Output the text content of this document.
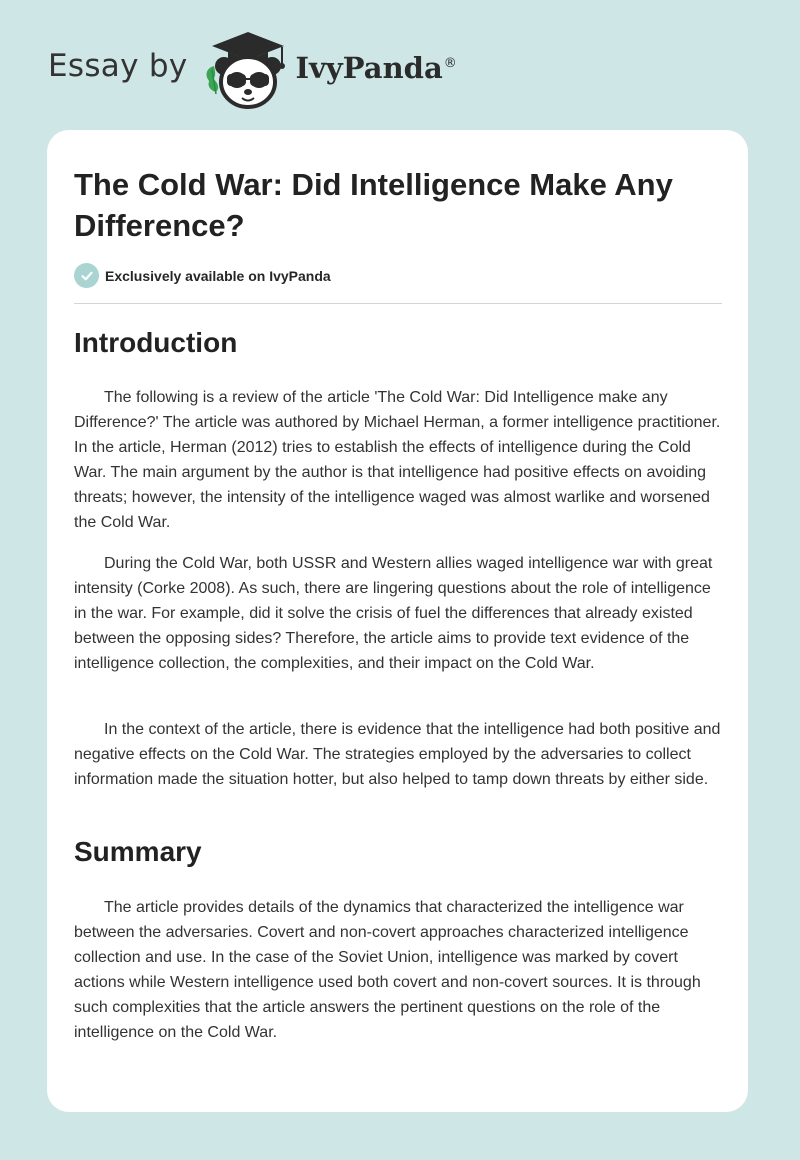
Essay by	IvyPanda®
The Cold War: Did Intelligence Make Any Difference?
Exclusively available on IvyPanda
Introduction

The following is a review of the article 'The Cold War: Did Intelligence make any Difference?' The article was authored by Michael Herman, a former intelligence practitioner. In the article, Herman (2012) tries to establish the effects of intelligence during the Cold War. The main argument by the author is that intelligence had positive effects on avoiding threats; however, the intensity of the intelligence waged was almost warlike and worsened the Cold War.

During the Cold War, both USSR and Western allies waged intelligence war with great intensity (Corke 2008). As such, there are lingering questions about the role of intelligence in the war. For example, did it solve the crisis of fuel the differences that already existed between the opposing sides? Therefore, the article aims to provide text evidence of the intelligence collection, the complexities, and their impact on the Cold War.

In the context of the article, there is evidence that the intelligence had both positive and negative effects on the Cold War. The strategies employed by the adversaries to collect information made the situation hotter, but also helped to tamp down threats by either side.

Summary

The article provides details of the dynamics that characterized the intelligence war between the adversaries. Covert and non-covert approaches characterized intelligence collection and use. In the case of the Soviet Union, intelligence was marked by covert actions while Western intelligence used both covert and non-covert sources. It is through such complexities that the article answers the pertinent questions on the role of the intelligence on the Cold War.
